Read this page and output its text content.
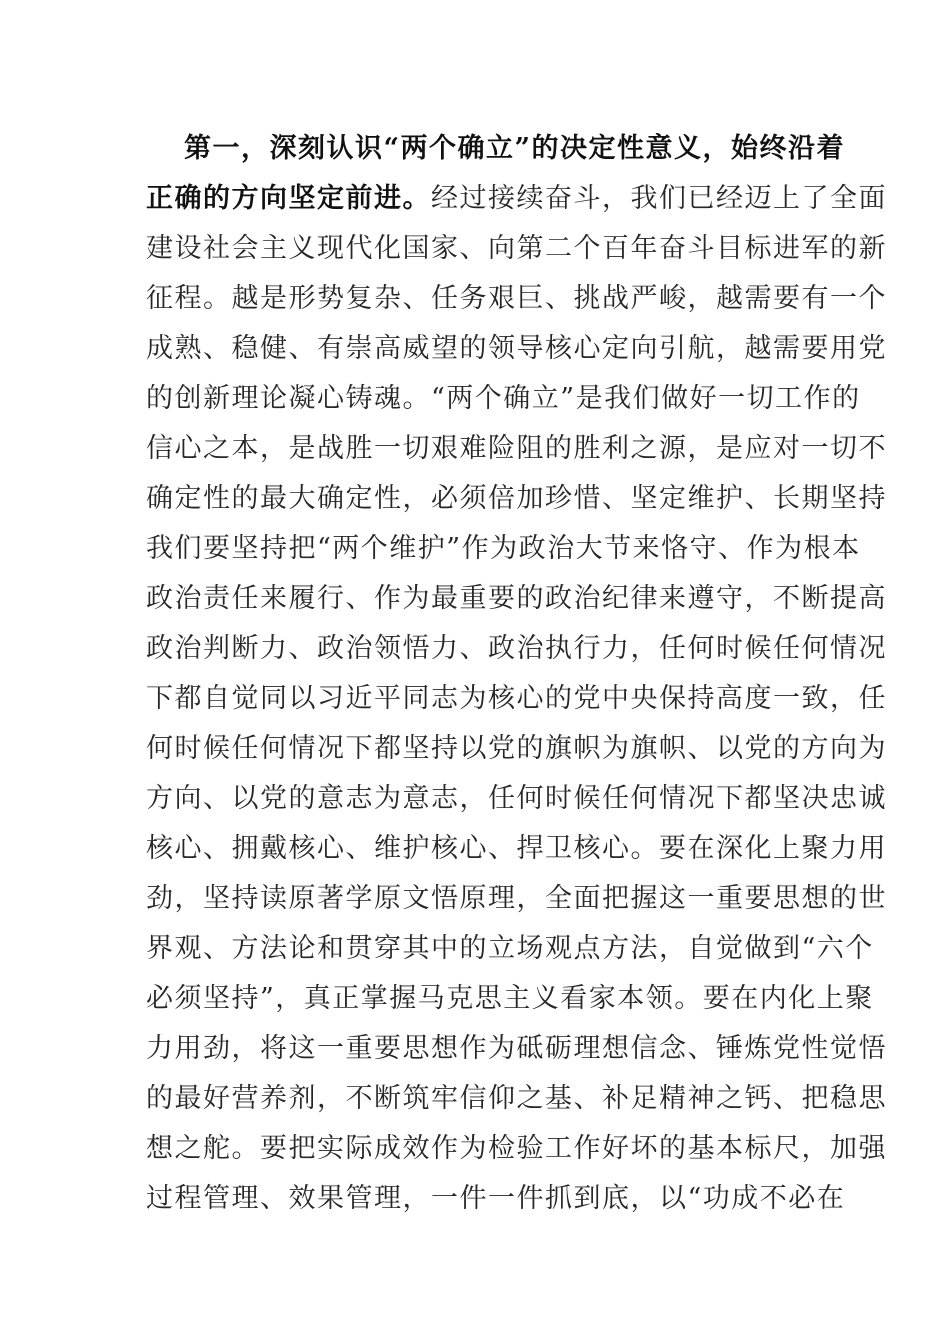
第一，深刻认识“两个确立”的决定性意义，始终沿着
正确的方向坚定前进。经过接续奋斗，我们已经迈上了全面
建设社会主义现代化国家、向第二个百年奋斗目标进军的新
征程。越是形势复杂、任务艰巨、挑战严峻，越需要有一个
成熟、稳健、有崇高威望的领导核心定向引航，越需要用党
的创新理论凝心铸魂。“两个确立”是我们做好一切工作的
信心之本，是战胜一切艰难险阻的胜利之源，是应对一切不
确定性的最大确定性，必须倍加珍惜、坚定维护、长期坚持
我们要坚持把“两个维护”作为政治大节来恪守、作为根本
政治责任来履行、作为最重要的政治纪律来遵守，不断提高
政治判断力、政治领悟力、政治执行力，任何时候任何情况
下都自觉同以习近平同志为核心的党中央保持高度一致，任
何时候任何情况下都坚持以党的旗帜为旗帜、以党的方向为
方向、以党的意志为意志，任何时候任何情况下都坚决忠诚
核心、拥戴核心、维护核心、捍卫核心。要在深化上聚力用
劲，坚持读原著学原文悟原理，全面把握这一重要思想的世
界观、方法论和贯穿其中的立场观点方法，自觉做到“六个
必须坚持”，真正掌握马克思主义看家本领。要在内化上聚
力用劲，将这一重要思想作为砥砺理想信念、锤炼党性觉悟
的最好营养剂，不断筑牢信仰之基、补足精神之钙、把稳思
想之舵。要把实际成效作为检验工作好坏的基本标尺，加强
过程管理、效果管理，一件一件抓到底，以“功成不必在
